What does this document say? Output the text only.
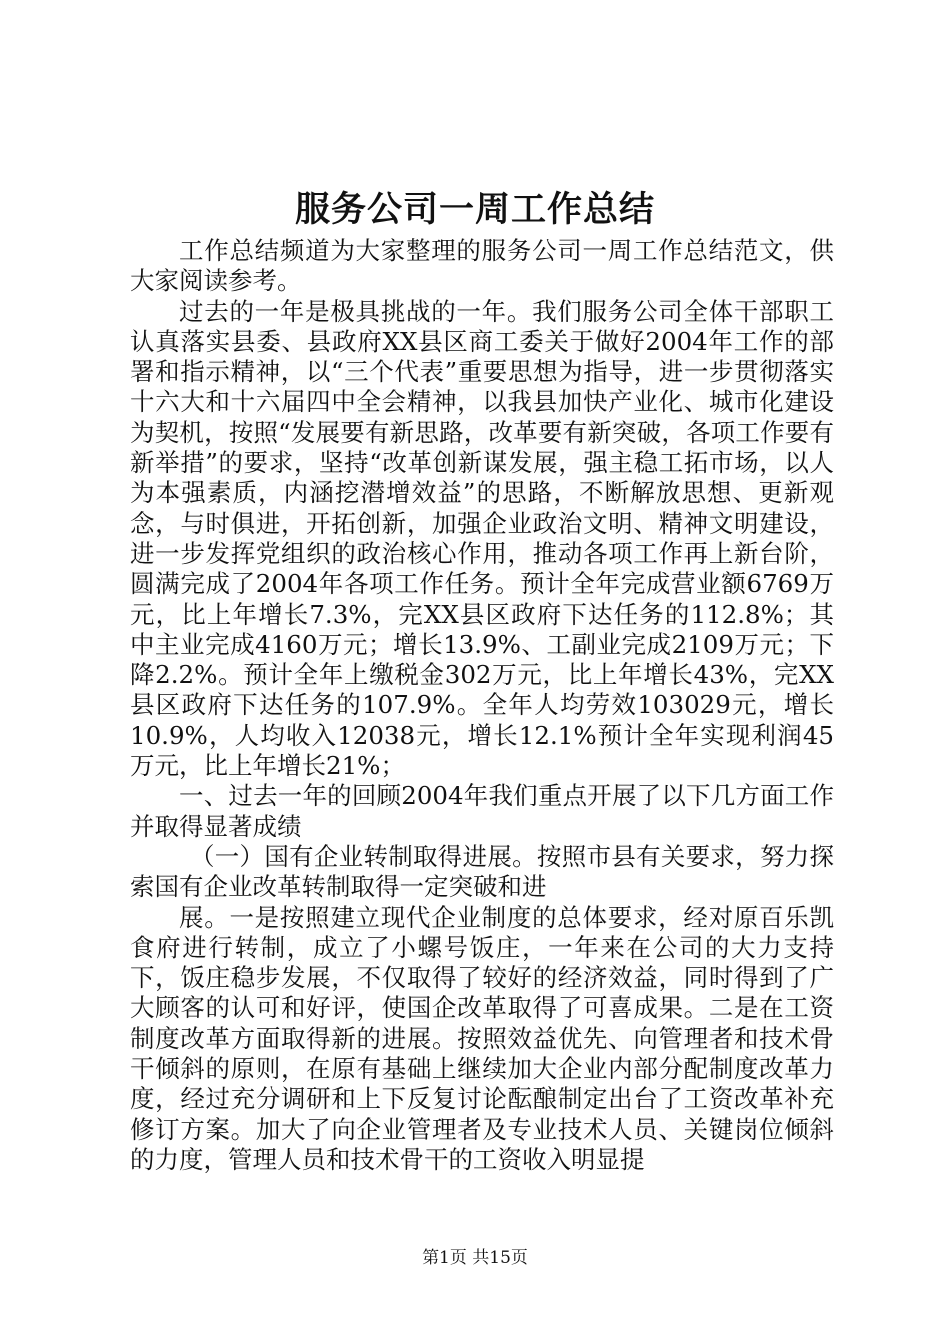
服务公司一周工作总结

工作总结频道为大家整理的服务公司一周工作总结范文，供大家阅读参考。

过去的一年是极具挑战的一年。我们服务公司全体干部职工认真落实县委、县政府XX县区商工委关于做好2004年工作的部署和指示精神，以“三个代表”重要思想为指导，进一步贯彻落实十六大和十六届四中全会精神，以我县加快产业化、城市化建设为契机，按照“发展要有新思路，改革要有新突破，各项工作要有新举措”的要求，坚持“改革创新谋发展，强主稳工拓市场，以人为本强素质，内涵挖潜增效益”的思路，不断解放思想、更新观念，与时俱进，开拓创新，加强企业政治文明、精神文明建设，进一步发挥党组织的政治核心作用，推动各项工作再上新台阶，圆满完成了2004年各项工作任务。预计全年完成营业额6769万元，比上年增长7.3%，完XX县区政府下达任务的112.8%；其中主业完成4160万元；增长13.9%、工副业完成2109万元；下降2.2%。预计全年上缴税金302万元，比上年增长43%，完XX县区政府下达任务的107.9%。全年人均劳效103029元，增长10.9%，人均收入12038元，增长12.1%预计全年实现利润45万元，比上年增长21%；

一、过去一年的回顾2004年我们重点开展了以下几方面工作并取得显著成绩

（一）国有企业转制取得进展。按照市县有关要求，努力探索国有企业改革转制取得一定突破和进

展。一是按照建立现代企业制度的总体要求，经对原百乐凯食府进行转制，成立了小螺号饭庄，一年来在公司的大力支持下，饭庄稳步发展，不仅取得了较好的经济效益，同时得到了广大顾客的认可和好评，使国企改革取得了可喜成果。二是在工资制度改革方面取得新的进展。按照效益优先、向管理者和技术骨干倾斜的原则，在原有基础上继续加大企业内部分配制度改革力度，经过充分调研和上下反复讨论酝酿制定出台了工资改革补充修订方案。加大了向企业管理者及专业技术人员、关键岗位倾斜的力度，管理人员和技术骨干的工资收入明显提

第1页 共15页
